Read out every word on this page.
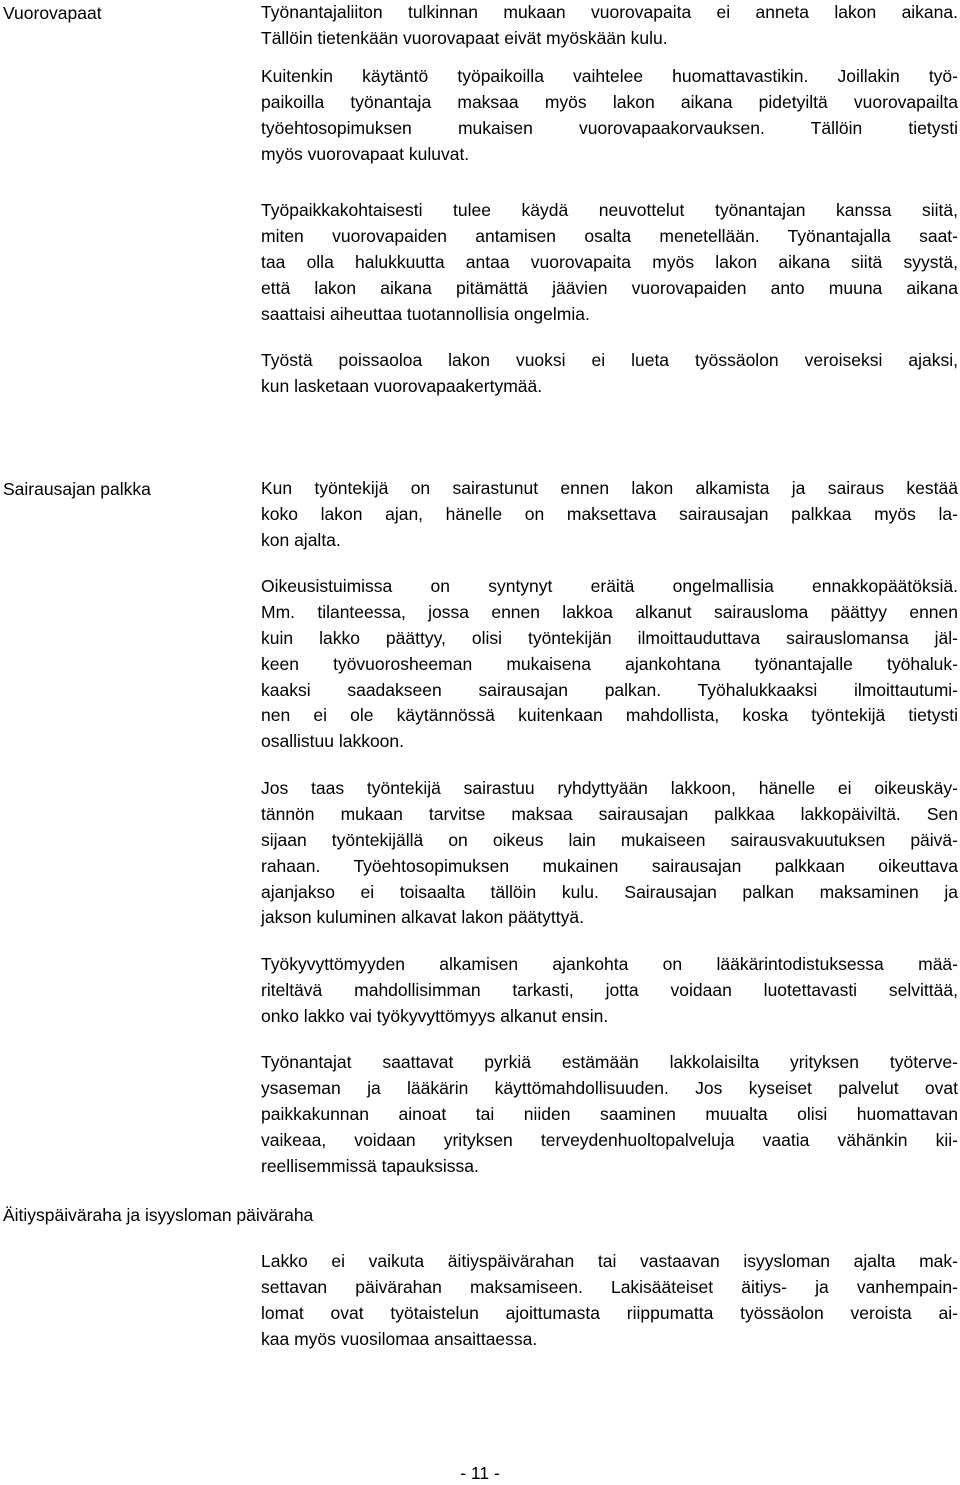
Vuorovapaat	Työnantajaliiton tulkinnan mukaan vuorovapaita ei anneta lakon aikana.
Tällöin tietenkään vuorovapaat eivät myöskään kulu.
Kuitenkin käytäntö työpaikoilla vaihtelee huomattavastikin. Joillakin työ-
paikoilla työnantaja maksaa myös lakon aikana pidetyiltä vuorovapailta
työehtosopimuksen mukaisen vuorovapaakorvauksen. Tällöin tietysti
myös vuorovapaat kuluvat.
Työpaikkakohtaisesti tulee käydä neuvottelut työnantajan kanssa siitä,
miten vuorovapaiden antamisen osalta menetellään. Työnantajalla saat-
taa olla halukkuutta antaa vuorovapaita myös lakon aikana siitä syystä,
että lakon aikana pitämättä jäävien vuorovapaiden anto muuna aikana
saattaisi aiheuttaa tuotannollisia ongelmia.
Työstä poissaoloa lakon vuoksi ei lueta työssäolon veroiseksi ajaksi,
kun lasketaan vuorovapaakertymää.
Sairausajan palkka	Kun työntekijä on sairastunut ennen lakon alkamista ja sairaus kestää
koko lakon ajan, hänelle on maksettava sairausajan palkkaa myös la-
kon ajalta.
Oikeusistuimissa on syntynyt eräitä ongelmallisia ennakkopäätöksiä.
Mm. tilanteessa, jossa ennen lakkoa alkanut sairausloma päättyy ennen
kuin lakko päättyy, olisi työntekijän ilmoittauduttava sairauslomansa jäl-
keen työvuorosheeman mukaisena ajankohtana työnantajalle työhaluk-
kaaksi saadakseen sairausajan palkan. Työhalukkaaksi ilmoittautumi-
nen ei ole käytännössä kuitenkaan mahdollista, koska työntekijä tietysti
osallistuu lakkoon.
Jos taas työntekijä sairastuu ryhdyttyään lakkoon, hänelle ei oikeuskäy-
tännön mukaan tarvitse maksaa sairausajan palkkaa lakkopäiviltä. Sen
sijaan työntekijällä on oikeus lain mukaiseen sairausvakuutuksen päivä-
rahaan. Työehtosopimuksen mukainen sairausajan palkkaan oikeuttava
ajanjakso ei toisaalta tällöin kulu. Sairausajan palkan maksaminen ja
jakson kuluminen alkavat lakon päätyttyä.
Työkyvyttömyyden alkamisen ajankohta on lääkärintodistuksessa mää-
riteltävä mahdollisimman tarkasti, jotta voidaan luotettavasti selvittää,
onko lakko vai työkyvyttömyys alkanut ensin.
Työnantajat saattavat pyrkiä estämään lakkolaisilta yrityksen työterve-
ysaseman ja lääkärin käyttömahdollisuuden. Jos kyseiset palvelut ovat
paikkakunnan ainoat tai niiden saaminen muualta olisi huomattavan
vaikeaa, voidaan yrityksen terveydenhuoltopalveluja vaatia vähänkin kii-
reellisemmissä tapauksissa.
Äitiyspäiväraha ja isyysloman päiväraha
Lakko ei vaikuta äitiyspäivärahan tai vastaavan isyysloman ajalta mak-
settavan päivärahan maksamiseen. Lakisääteiset äitiys- ja vanhempain-
lomat ovat työtaistelun ajoittumasta riippumatta työssäolon veroista ai-
kaa myös vuosilomaa ansaittaessa.
- 11 -
